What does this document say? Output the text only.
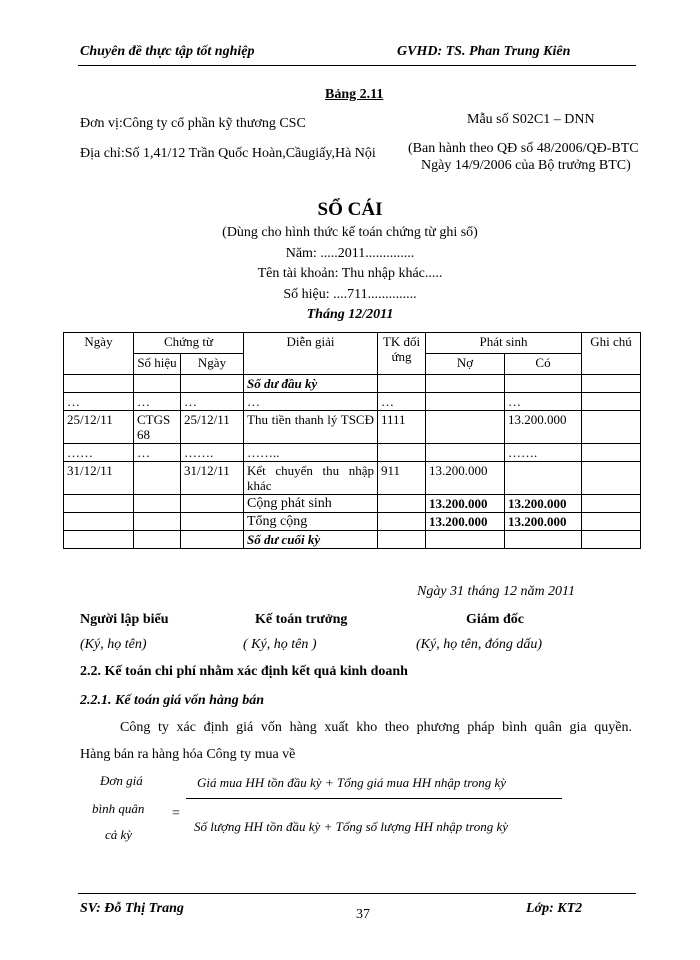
Chuyên đề thực tập tốt nghiệp	GVHD: TS. Phan Trung Kiên
Bảng 2.11
Đơn vị:Công ty cổ phần kỹ thương CSC
Địa chỉ:Số 1,41/12 Trần Quốc Hoàn,Cầugiấy,Hà Nội
Mẫu số S02C1 – DNN
(Ban hành theo QĐ số 48/2006/QĐ-BTC
Ngày 14/9/2006 của Bộ trưởng BTC)
SỔ CÁI
(Dùng cho hình thức kế toán chứng từ ghi sổ)
Năm: .....2011..............
Tên tài khoản: Thu nhập khác.....
Số hiệu: ....711..............
Tháng 12/2011
Ngày	Chứng từ		Diễn giải	TK đối ứng	Phát sinh		Ghi chú
	Số hiệu	Ngày			Nợ	Có	
			Số dư đầu kỳ				
…	…	…	…	…		…	
25/12/11	CTGS 68	25/12/11	Thu tiền thanh lý TSCĐ	1111		13.200.000	
……	…	…….	……..			…….	
31/12/11		31/12/11	Kết chuyển thu nhập khác	911	13.200.000		
			Cộng phát sinh		13.200.000	13.200.000	
			Tổng cộng		13.200.000	13.200.000	
			Số dư cuối kỳ				
Ngày 31 tháng 12 năm 2011
Người lập biểu	Kế toán trưởng	Giám đốc
(Ký, họ tên)	( Ký, họ tên )	(Ký, họ tên, đóng dấu)
2.2. Kế toán chi phí nhằm xác định kết quả kinh doanh
2.2.1. Kế toán giá vốn hàng bán
Công ty xác định giá vốn hàng xuất kho theo phương pháp bình quân gia quyền.
Hàng bán ra hàng hóa Công ty mua về
Đơn giá
bình quân
cả kỳ
=
Giá mua HH tồn đầu kỳ + Tổng giá mua HH nhập trong kỳ
Số lượng HH tồn đầu kỳ + Tổng số lượng HH nhập trong kỳ
SV: Đỗ Thị Trang	37	Lớp: KT2
